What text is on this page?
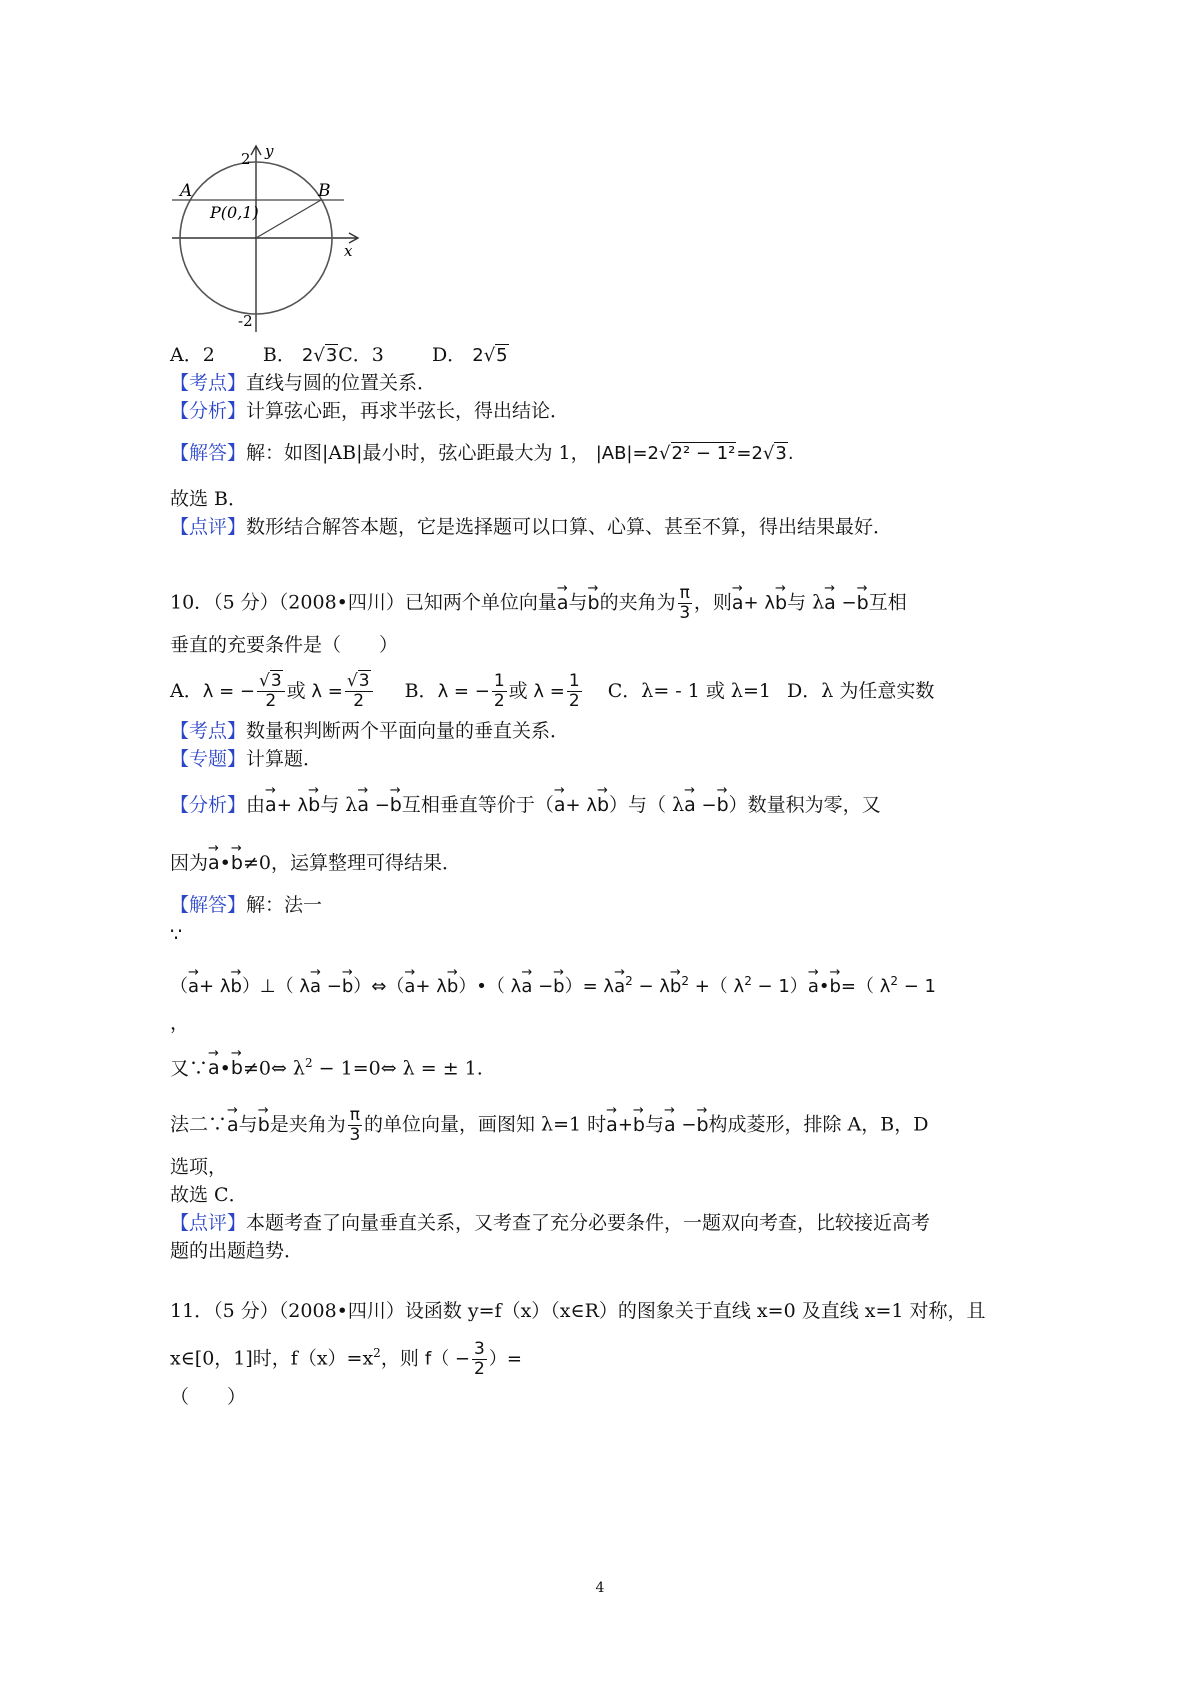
y
2
A	B
P(0,1)
x
-2
A．2	B． 2√3C．3	D． 2√5
【考点】直线与圆的位置关系．
【分析】计算弦心距，再求半弦长，得出结论．
【解答】解：如图|AB|最小时，弦心距最大为 1， |AB|=2√2² − 1²=2√3.
故选 B．
【点评】数形结合解答本题，它是选择题可以口算、心算、甚至不算，得出结果最好．
10．（5 分）（2008•四川）已知两个单位向量→ a与→ b的夹角为 $\frac{\pi}{3}$ ，则→ a+ λ→ b与 λ→ a −→ b互相
垂直的充要条件是（　　）
A．λ = − $\frac{√3}{2}$ 或 $\lambda = \frac{√3}{2}$ B．λ = − $\frac{1}{2}$ 或 $\lambda = \frac{1}{2}$ C．λ= - 1 或 λ=1 D．λ 为任意实数
【考点】数量积判断两个平面向量的垂直关系．
【专题】计算题．
【分析】由→ a+ λ→ b与 λ→ a −→ b互相垂直等价于（→ a+ λ→ b）与（ λ→ a −→ b）数量积为零，又
因为→ a•→ b≠0，运算整理可得结果．
【解答】解：法一
∵
（→ a+ λ→ b）⊥（ λ→ a −→ b）⇔（→ a+ λ→ b）•（ $\lambda\to a -\to b)= \lambda\to a^2 - \lambda\to b^2$ +（ $\lambda^2 - 1)\to$ a•→ b=（ $\lambda^2 - 1$
，
又∵→ a•→ b≠0⇔ $\lambda^2$ − 1=0⇔ λ = ± 1.
法二∵→ a与→ b是夹角为 $\frac{\pi}{3}$ 的单位向量，画图知 λ=1 时→ a+→ b与→ a −→ b构成菱形，排除 A，B，D
选项，
故选 C．
【点评】本题考查了向量垂直关系，又考查了充分必要条件，一题双向考查，比较接近高考
题的出题趋势．
11．（5 分）（2008•四川）设函数 y=f（x）（x∈R）的图象关于直线 x=0 及直线 x=1 对称，且
x∈[0，1]时，$f(x)=x^2$，则 $f( - \frac{3}{2}$ ）=
（　　）
4
